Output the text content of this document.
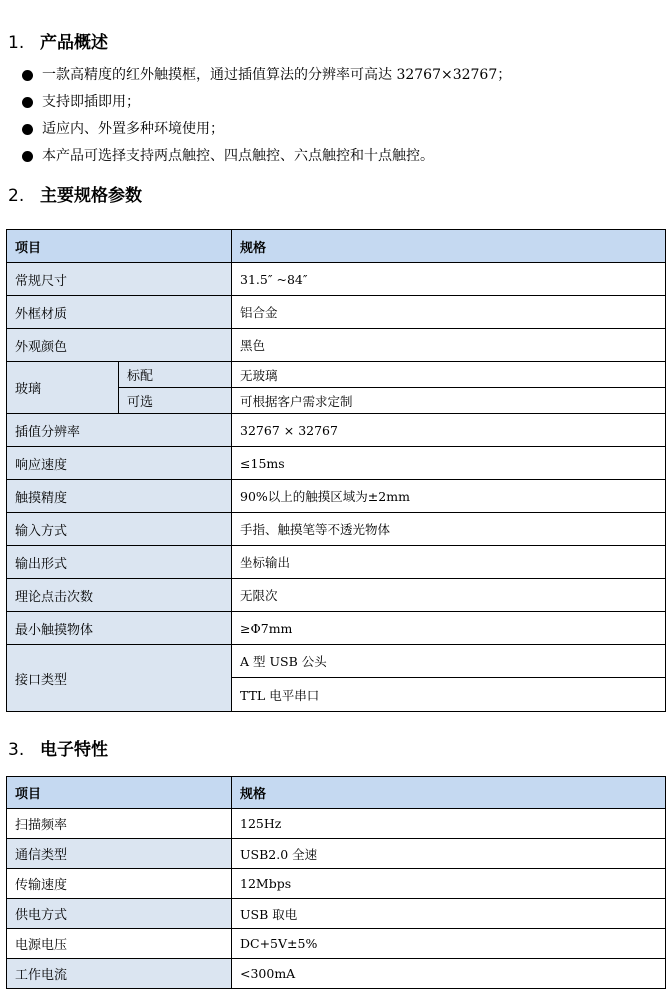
1. 产品概述
一款高精度的红外触摸框，通过插值算法的分辨率可高达 32767×32767；
支持即插即用；
适应内、外置多种环境使用；
本产品可选择支持两点触控、四点触控、六点触控和十点触控。
2. 主要规格参数
项目		规格
常规尺寸		31.5″ ~84″
外框材质		铝合金
外观颜色		黑色
玻璃	标配	无玻璃
	可选	可根据客户需求定制
插值分辨率		32767 × 32767
响应速度		≤15ms
触摸精度		90%以上的触摸区域为±2mm
输入方式		手指、触摸笔等不透光物体
输出形式		坐标输出
理论点击次数		无限次
最小触摸物体		≥Φ7mm
接口类型		A 型 USB 公头
		TTL 电平串口
3. 电子特性
项目	规格
扫描频率	125Hz
通信类型	USB2.0 全速
传输速度	12Mbps
供电方式	USB 取电
电源电压	DC+5V±5%
工作电流	<300mA
